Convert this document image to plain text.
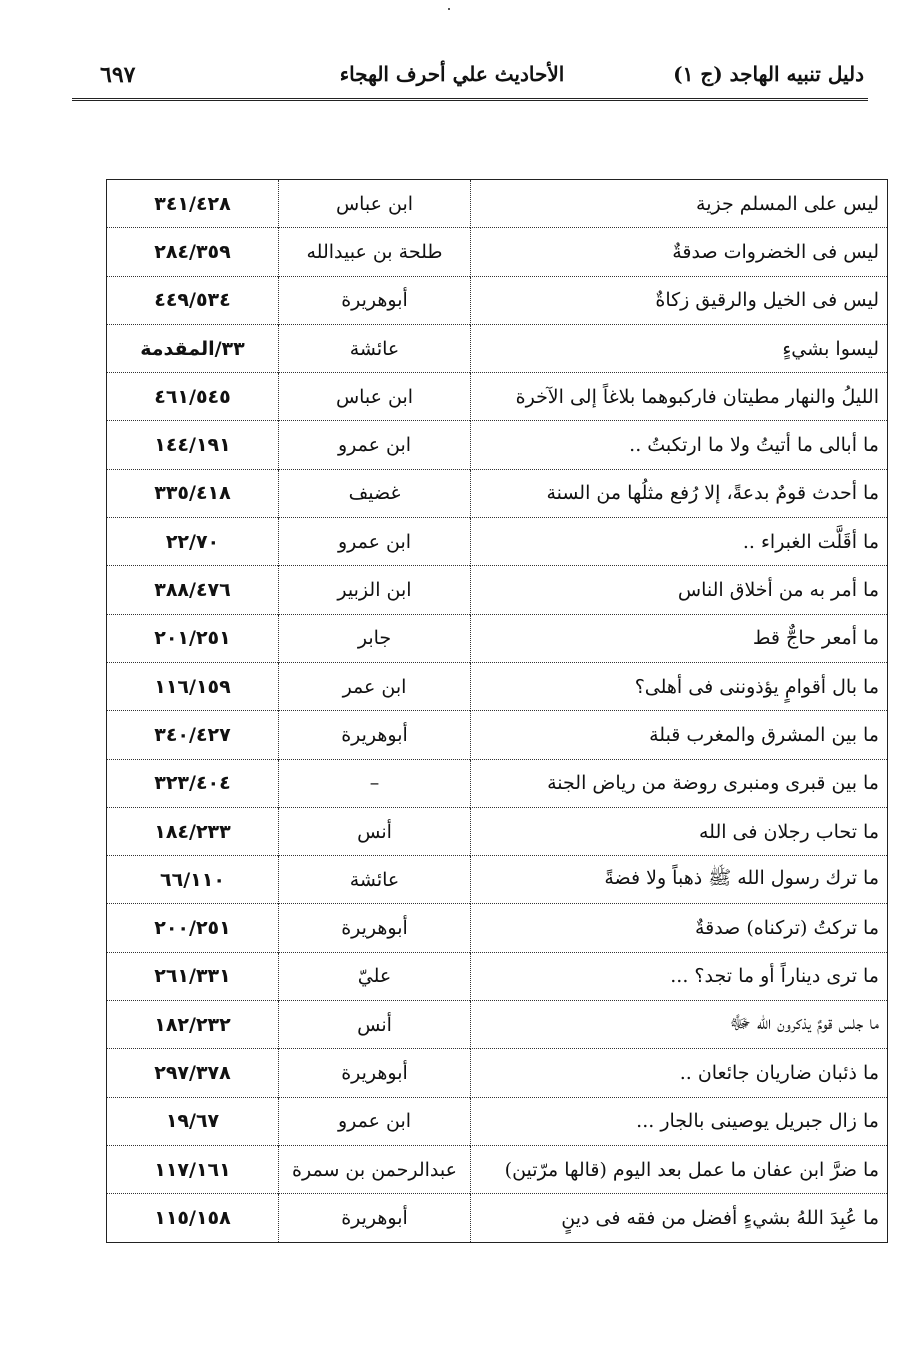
دليل تنبيه الهاجد (ج ١)
الأحاديث علي أحرف الهجاء
٦٩٧
ليس على المسلم جزية	ابن عباس	٣٤١/٤٢٨
ليس فى الخضروات صدقةٌ	طلحة بن عبيدالله	٢٨٤/٣٥٩
ليس فى الخيل والرقيق زكاةٌ	أبوهريرة	٤٤٩/٥٣٤
ليسوا بشيءٍ	عائشة	٣٣/المقدمة
الليلُ والنهار مطيتان فاركبوهما بلاغاً إلى الآخرة	ابن عباس	٤٦١/٥٤٥
ما أبالى ما أتيتُ ولا ما ارتكبتُ ..	ابن عمرو	١٤٤/١٩١
ما أحدث قومٌ بدعةً، إلا رُفع مثلُها من السنة	غضيف	٣٣٥/٤١٨
ما أقَلَّت الغبراء ..	ابن عمرو	٢٢/٧٠
ما أمر به من أخلاق الناس	ابن الزبير	٣٨٨/٤٧٦
ما أمعر حاجٌّ قط	جابر	٢٠١/٢٥١
ما بال أقوامٍ يؤذوننى فى أهلى؟	ابن عمر	١١٦/١٥٩
ما بين المشرق والمغرب قبلة	أبوهريرة	٣٤٠/٤٢٧
ما بين قبرى ومنبرى روضة من رياض الجنة	–	٣٢٣/٤٠٤
ما تحاب رجلان فى الله	أنس	١٨٤/٢٣٣
ما ترك رسول الله ﷺ ذهباً ولا فضةً	عائشة	٦٦/١١٠
ما تركتُ (تركناه) صدقةٌ	أبوهريرة	٢٠٠/٢٥١
ما ترى ديناراً أو ما تجد؟ ...	عليّ	٢٦١/٣٣١
ما جلس قومٌ يذكرون الله ﷻ	أنس	١٨٢/٢٣٢
ما ذئبان ضاريان جائعان ..	أبوهريرة	٢٩٧/٣٧٨
ما زال جبريل يوصينى بالجار ...	ابن عمرو	١٩/٦٧
ما ضرَّ ابن عفان ما عمل بعد اليوم (قالها مرّتين)	عبدالرحمن بن سمرة	١١٧/١٦١
ما عُبِدَ اللهُ بشيءٍ أفضل من فقه فى دينٍ	أبوهريرة	١١٥/١٥٨
